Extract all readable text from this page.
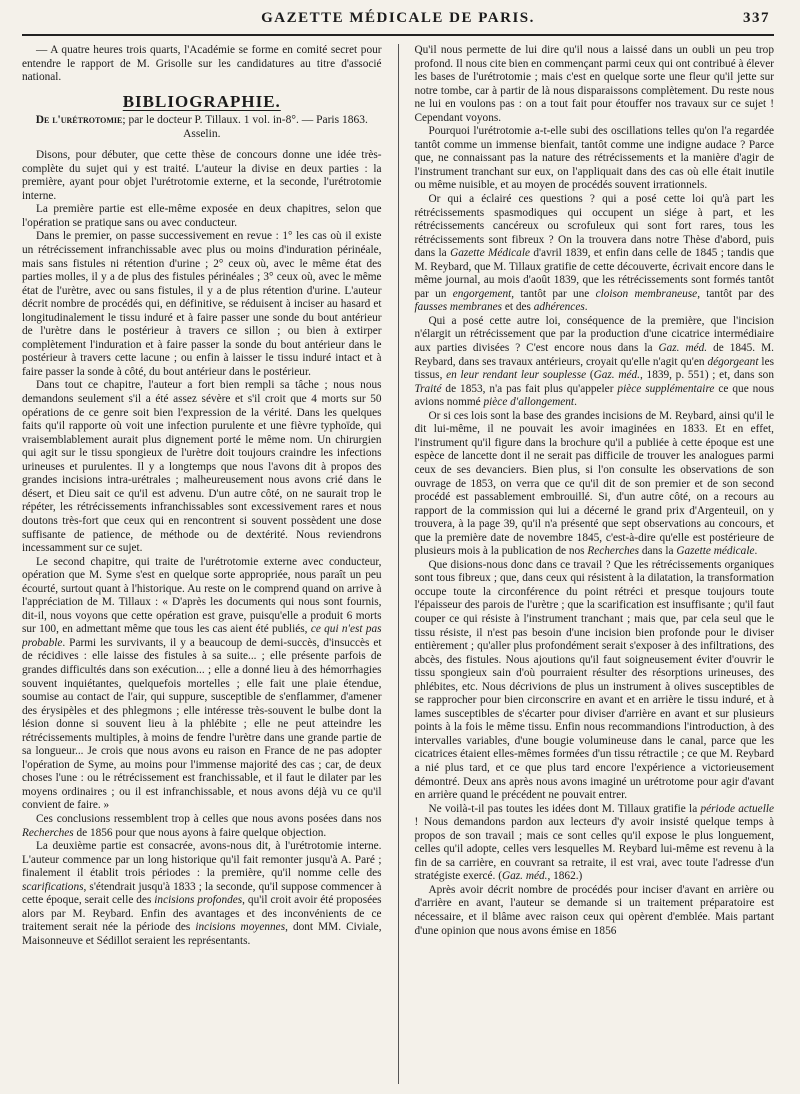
GAZETTE MÉDICALE DE PARIS.	337

— A quatre heures trois quarts, l'Académie se forme en comité secret pour entendre le rapport de M. Grisolle sur les candidatures au titre d'associé national.

BIBLIOGRAPHIE.
De l'urétrotomie; par le docteur P. Tillaux. 1 vol. in-8°. — Paris 1863. Asselin.

Disons, pour débuter, que cette thèse de concours donne une idée très-complète du sujet qui y est traité. L'auteur la divise en deux parties : la première, ayant pour objet l'urétrotomie externe, et la seconde, l'urétrotomie interne.

La première partie est elle-même exposée en deux chapitres, selon que l'opération se pratique sans ou avec conducteur.

Dans le premier, on passe successivement en revue : 1° les cas où il existe un rétrécissement infranchissable avec plus ou moins d'induration périnéale, mais sans fistules ni rétention d'urine ; 2° ceux où, avec le même état des parties molles, il y a de plus des fistules périnéales ; 3° ceux où, avec le même état de l'urètre, avec ou sans fistules, il y a de plus rétention d'urine. L'auteur décrit nombre de procédés qui, en définitive, se réduisent à inciser au hasard et longitudinalement le tissu induré et à faire passer une sonde du bout antérieur de l'urètre dans le postérieur à travers ce sillon ; ou bien à extirper complètement l'induration et à faire passer la sonde du bout antérieur dans le postérieur à travers cette lacune ; ou enfin à laisser le tissu induré intact et à faire passer la sonde à côté, du bout antérieur dans le postérieur.

Dans tout ce chapitre, l'auteur a fort bien rempli sa tâche ; nous nous demandons seulement s'il a été assez sévère et s'il croit que 4 morts sur 50 opérations de ce genre soit bien l'expression de la vérité. Dans les quelques faits qu'il rapporte où voit une infection purulente et une fièvre typhoïde, qui vraisemblablement aurait plus dignement porté le même nom. Un chirurgien qui agit sur le tissu spongieux de l'urètre doit toujours craindre les infections urineuses et purulentes. Il y a longtemps que nous l'avons dit à propos des grandes incisions intra-urétrales ; malheureusement nous avons crié dans le désert, et Dieu sait ce qu'il est advenu. D'un autre côté, on ne saurait trop le répéter, les rétrécissements infranchissables sont excessivement rares et nous doutons très-fort que ceux qui en rencontrent si souvent possèdent une dose suffisante de patience, de méthode ou de dextérité. Nous reviendrons incessamment sur ce sujet.

Le second chapitre, qui traite de l'urétrotomie externe avec conducteur, opération que M. Syme s'est en quelque sorte appropriée, nous paraît un peu écourté, surtout quant à l'historique. Au reste on le comprend quand on arrive à l'appréciation de M. Tillaux : « D'après les documents qui nous sont fournis, dit-il, nous voyons que cette opération est grave, puisqu'elle a produit 6 morts sur 100, en admettant même que tous les cas aient été publiés, ce qui n'est pas probable. Parmi les survivants, il y a beaucoup de demi-succès, d'insuccès et de récidives : elle laisse des fistules à sa suite... ; elle présente parfois de grandes difficultés dans son exécution... ; elle a donné lieu à des hémorrhagies souvent inquiétantes, quelquefois mortelles ; elle fait une plaie étendue, soumise au contact de l'air, qui suppure, susceptible de s'enflammer, d'amener des érysipèles et des phlegmons ; elle intéresse très-souvent le bulbe dont la lésion donne si souvent lieu à la phlébite ; elle ne peut atteindre les rétrécissements multiples, à moins de fendre l'urètre dans une grande partie de sa longueur... Je crois que nous avons eu raison en France de ne pas adopter l'opération de Syme, au moins pour l'immense majorité des cas ; car, de deux choses l'une : ou le rétrécissement est franchissable, et il faut le dilater par les moyens ordinaires ; ou il est infranchissable, et nous avons déjà vu ce qu'il convient de faire. »

Ces conclusions ressemblent trop à celles que nous avons posées dans nos Recherches de 1856 pour que nous ayons à faire quelque objection.

La deuxième partie est consacrée, avons-nous dit, à l'urétrotomie interne. L'auteur commence par un long historique qu'il fait remonter jusqu'à A. Paré ; finalement il établit trois périodes : la première, qu'il nomme celle des scarifications, s'étendrait jusqu'à 1833 ; la seconde, qu'il suppose commencer à cette époque, serait celle des incisions profondes, qu'il croit avoir été proposées alors par M. Reybard. Enfin des avantages et des inconvénients de ce traitement serait née la période des incisions moyennes, dont MM. Civiale, Maisonneuve et Sédillot seraient les représentants.

Qu'il nous permette de lui dire qu'il nous a laissé dans un oubli un peu trop profond. Il nous cite bien en commençant parmi ceux qui ont contribué à élever les bases de l'urétrotomie ; mais c'est en quelque sorte une fleur qu'il jette sur notre tombe, car à partir de là nous disparaissons complètement. Du reste nous ne lui en voulons pas : on a tout fait pour étouffer nos travaux sur ce sujet ! Cependant voyons.

Pourquoi l'urétrotomie a-t-elle subi des oscillations telles qu'on l'a regardée tantôt comme un immense bienfait, tantôt comme une indigne audace ? Parce que, ne connaissant pas la nature des rétrécissements et la manière d'agir de l'instrument tranchant sur eux, on l'appliquait dans des cas où elle était inutile ou même nuisible, et au moyen de procédés souvent irrationnels.

Or qui a éclairé ces questions ? qui a posé cette loi qu'à part les rétrécissements spasmodiques qui occupent un siége à part, et les rétrécissements cancéreux ou scrofuleux qui sont fort rares, tous les rétrécissements sont fibreux ? On la trouvera dans notre Thèse d'abord, puis dans la Gazette Médicale d'avril 1839, et enfin dans celle de 1845 ; tandis que M. Reybard, que M. Tillaux gratifie de cette découverte, écrivait encore dans le même journal, au mois d'août 1839, que les rétrécissements sont formés tantôt par un engorgement, tantôt par une cloison membraneuse, tantôt par des fausses membranes et des adhérences.

Qui a posé cette autre loi, conséquence de la première, que l'incision n'élargit un rétrécissement que par la production d'une cicatrice intermédiaire aux parties divisées ? C'est encore nous dans la Gaz. méd. de 1845. M. Reybard, dans ses travaux antérieurs, croyait qu'elle n'agit qu'en dégorgeant les tissus, en leur rendant leur souplesse (Gaz. méd., 1839, p. 551) ; et, dans son Traité de 1853, n'a pas fait plus qu'appeler pièce supplémentaire ce que nous avions nommé pièce d'allongement.

Or si ces lois sont la base des grandes incisions de M. Reybard, ainsi qu'il le dit lui-même, il ne pouvait les avoir imaginées en 1833. Et en effet, l'instrument qu'il figure dans la brochure qu'il a publiée à cette époque est une espèce de lancette dont il ne serait pas difficile de trouver les analogues parmi ceux de ses devanciers. Bien plus, si l'on consulte les observations de son ouvrage de 1853, on verra que ce qu'il dit de son premier et de son second procédé est passablement embrouillé. Si, d'un autre côté, on a recours au rapport de la commission qui lui a décerné le grand prix d'Argenteuil, on y trouvera, à la page 39, qu'il n'a présenté que sept observations au concours, et que la première date de novembre 1845, c'est-à-dire qu'elle est postérieure de plusieurs mois à la publication de nos Recherches dans la Gazette médicale.

Que disions-nous donc dans ce travail ? Que les rétrécissements organiques sont tous fibreux ; que, dans ceux qui résistent à la dilatation, la transformation occupe toute la circonférence du point rétréci et presque toujours toute l'épaisseur des parois de l'urètre ; que la scarification est insuffisante ; qu'il faut couper ce qui résiste à l'instrument tranchant ; mais que, par cela seul que le tissu résiste, il n'est pas besoin d'une incision bien profonde pour le diviser entièrement ; qu'aller plus profondément serait s'exposer à des infiltrations, des abcès, des fistules. Nous ajoutions qu'il faut soigneusement éviter d'ouvrir le tissu spongieux sain d'où pourraient résulter des résorptions urineuses, des phlébites, etc. Nous décrivions de plus un instrument à olives susceptibles de se rapprocher pour bien circonscrire en avant et en arrière le tissu induré, et à lames susceptibles de s'écarter pour diviser d'arrière en avant et sur plusieurs points à la fois le même tissu. Enfin nous recommandions l'introduction, à des intervalles variables, d'une bougie volumineuse dans le canal, parce que les cicatrices étaient elles-mêmes formées d'un tissu rétractile ; ce que M. Reybard a nié plus tard, et ce que plus tard encore l'expérience a victorieusement démontré. Deux ans après nous avons imaginé un urétrotome pour agir d'avant en arrière quand le précédent ne pouvait entrer.

Ne voilà-t-il pas toutes les idées dont M. Tillaux gratifie la période actuelle ! Nous demandons pardon aux lecteurs d'y avoir insisté quelque temps à propos de son travail ; mais ce sont celles qu'il expose le plus longuement, celles qu'il adopte, celles vers lesquelles M. Reybard lui-même est revenu à la fin de sa carrière, en couvrant sa retraite, il est vrai, avec toute l'adresse d'un stratégiste exercé. (Gaz. méd., 1862.)

Après avoir décrit nombre de procédés pour inciser d'avant en arrière ou d'arrière en avant, l'auteur se demande si un traitement préparatoire est nécessaire, et il blâme avec raison ceux qui opèrent d'emblée. Mais partant d'une opinion que nous avons émise en 1856
